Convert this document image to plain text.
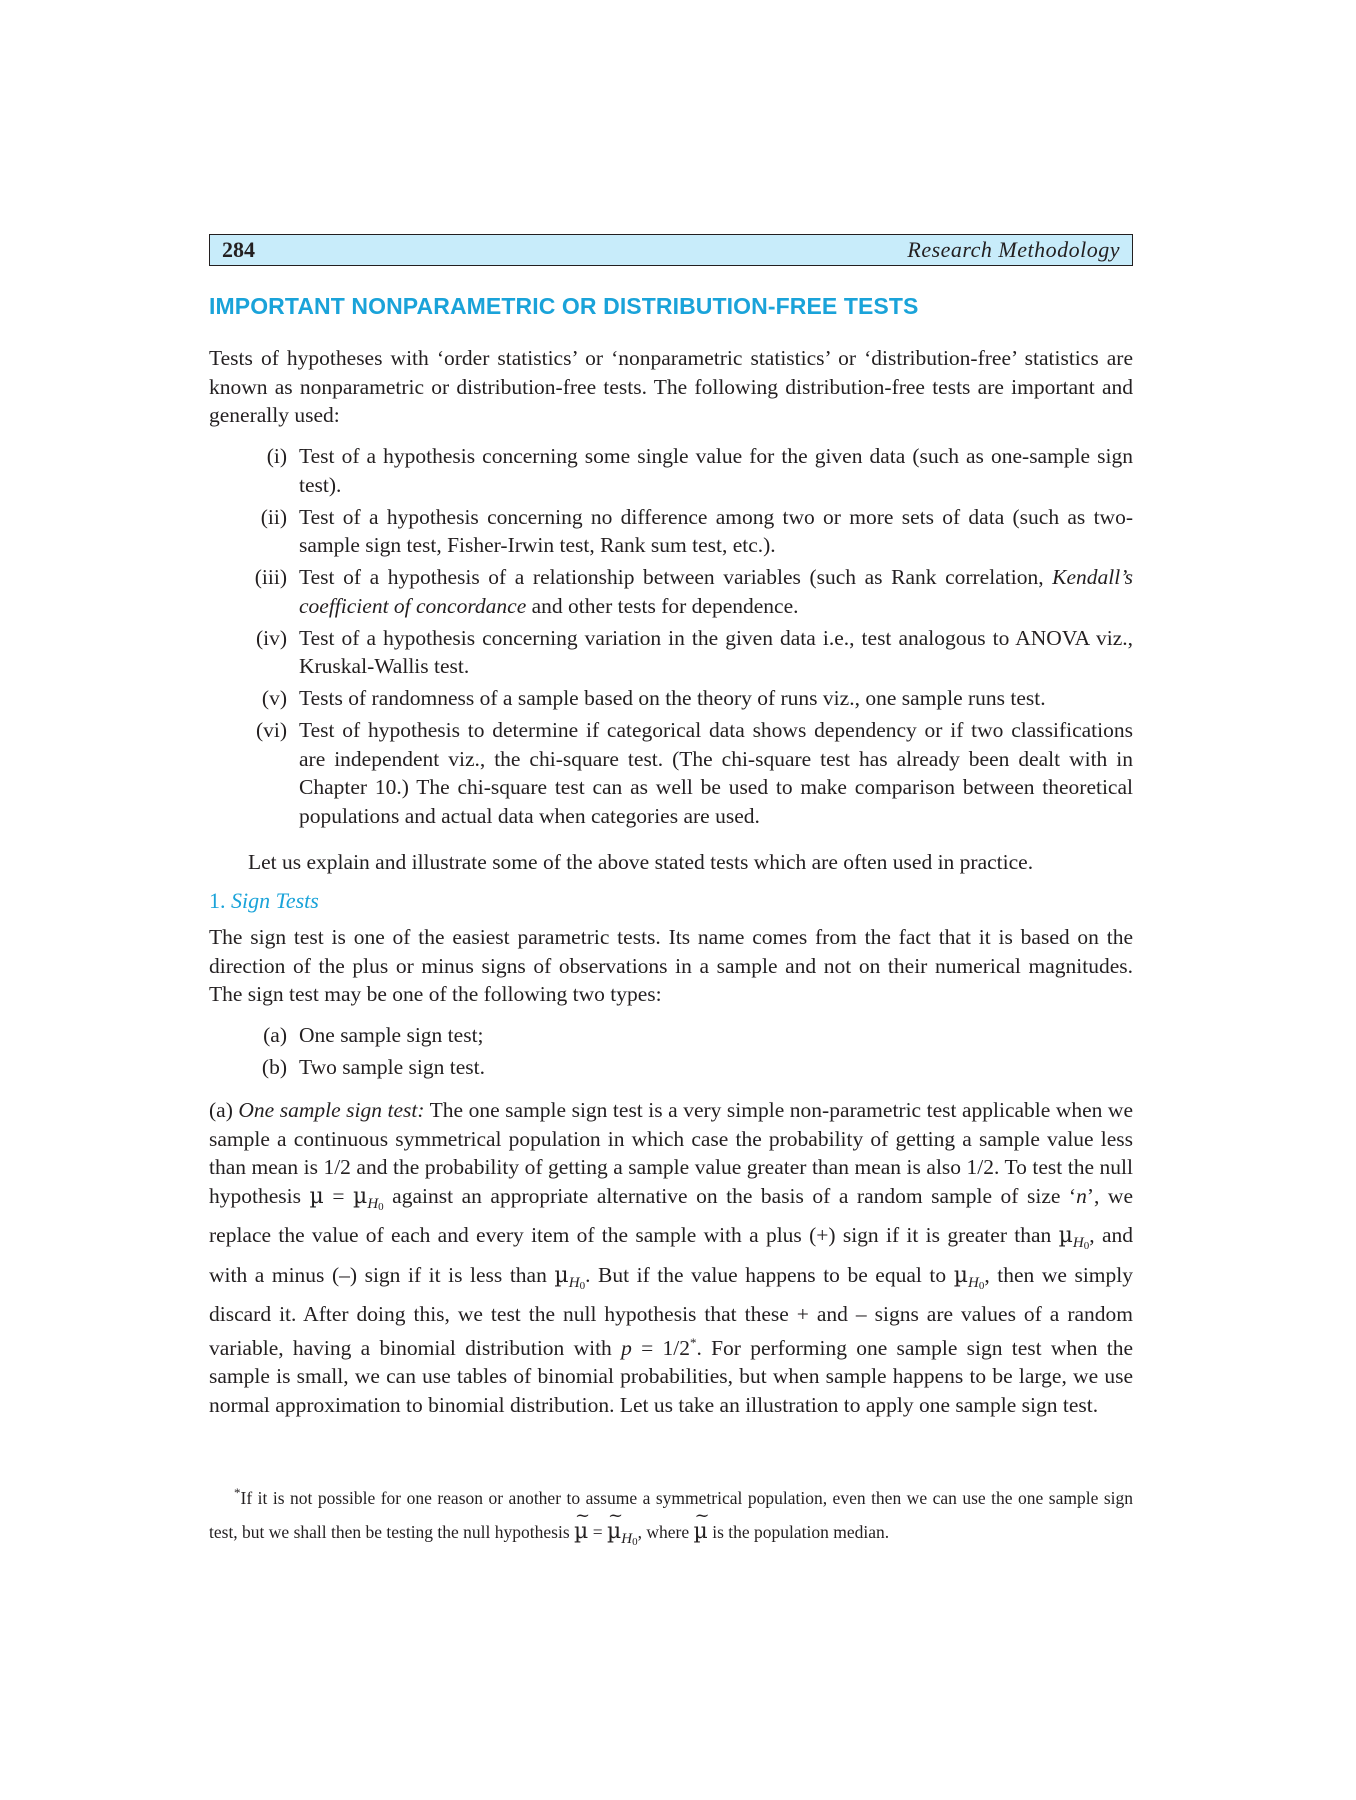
284	Research Methodology
IMPORTANT NONPARAMETRIC OR DISTRIBUTION-FREE TESTS

Tests of hypotheses with ‘order statistics’ or ‘nonparametric statistics’ or ‘distribution-free’ statistics are known as nonparametric or distribution-free tests. The following distribution-free tests are important and generally used:

(i) Test of a hypothesis concerning some single value for the given data (such as one-sample sign test).
(ii) Test of a hypothesis concerning no difference among two or more sets of data (such as two-sample sign test, Fisher-Irwin test, Rank sum test, etc.).
(iii) Test of a hypothesis of a relationship between variables (such as Rank correlation, Kendall’s coefficient of concordance and other tests for dependence.
(iv) Test of a hypothesis concerning variation in the given data i.e., test analogous to ANOVA viz., Kruskal-Wallis test.
(v) Tests of randomness of a sample based on the theory of runs viz., one sample runs test.
(vi) Test of hypothesis to determine if categorical data shows dependency or if two classifications are independent viz., the chi-square test. (The chi-square test has already been dealt with in Chapter 10.) The chi-square test can as well be used to make comparison between theoretical populations and actual data when categories are used.

Let us explain and illustrate some of the above stated tests which are often used in practice.

1. Sign Tests

The sign test is one of the easiest parametric tests. Its name comes from the fact that it is based on the direction of the plus or minus signs of observations in a sample and not on their numerical magnitudes. The sign test may be one of the following two types:

(a) One sample sign test;
(b) Two sample sign test.

(a) One sample sign test: The one sample sign test is a very simple non-parametric test applicable when we sample a continuous symmetrical population in which case the probability of getting a sample value less than mean is 1/2 and the probability of getting a sample value greater than mean is also 1/2. To test the null hypothesis µ = µ$_{H_0}$ against an appropriate alternative on the basis of a random sample of size ‘n’, we replace the value of each and every item of the sample with a plus (+) sign if it is greater than µ$_{H_0}$, and with a minus (–) sign if it is less than µ$_{H_0}$. But if the value happens to be equal to µ$_{H_0}$, then we simply discard it. After doing this, we test the null hypothesis that these + and – signs are values of a random variable, having a binomial distribution with p = 1/2*. For performing one sample sign test when the sample is small, we can use tables of binomial probabilities, but when sample happens to be large, we use normal approximation to binomial distribution. Let us take an illustration to apply one sample sign test.

*If it is not possible for one reason or another to assume a symmetrical population, even then we can use the one sample sign test, but we shall then be testing the null hypothesis ~ µ = ~ µH$_0$, where ~ µ is the population median.
